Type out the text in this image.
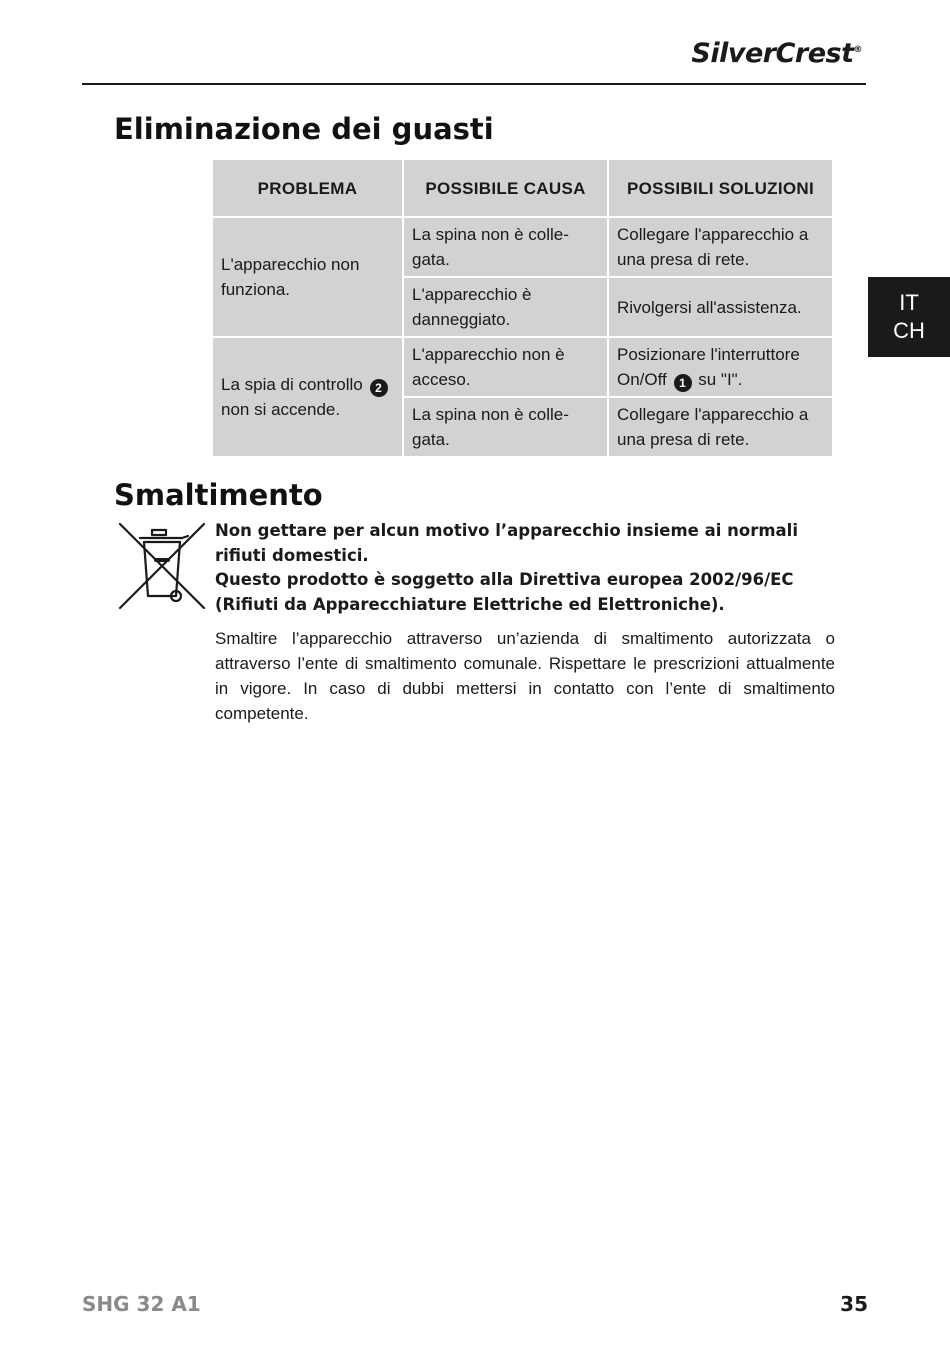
SilverCrest®
IT
CH
Eliminazione dei guasti
PROBLEMA	POSSIBILE CAUSA	POSSIBILI SOLUZIONI
L'apparecchio non funziona.	La spina non è colle-gata.	Collegare l'apparecchio a una presa di rete.
	L'apparecchio è danneggiato.	Rivolgersi all'assistenza.
La spia di controllo 2 non si accende.	L'apparecchio non è acceso.	Posizionare l'interruttore On/Off 1 su "I".
	La spina non è colle-gata.	Collegare l'apparecchio a una presa di rete.
Smaltimento
Non gettare per alcun motivo l’apparecchio insieme ai normali rifiuti domestici.
Questo prodotto è soggetto alla Direttiva europea 2002/96/EC (Rifiuti da Apparecchiature Elettriche ed Elettroniche).

Smaltire l’apparecchio attraverso un’azienda di smaltimento autorizzata o attraverso l’ente di smaltimento comunale. Rispettare le prescrizioni attualmente in vigore. In caso di dubbi mettersi in contatto con l’ente di smaltimento competente.

SHG 32 A1	35
